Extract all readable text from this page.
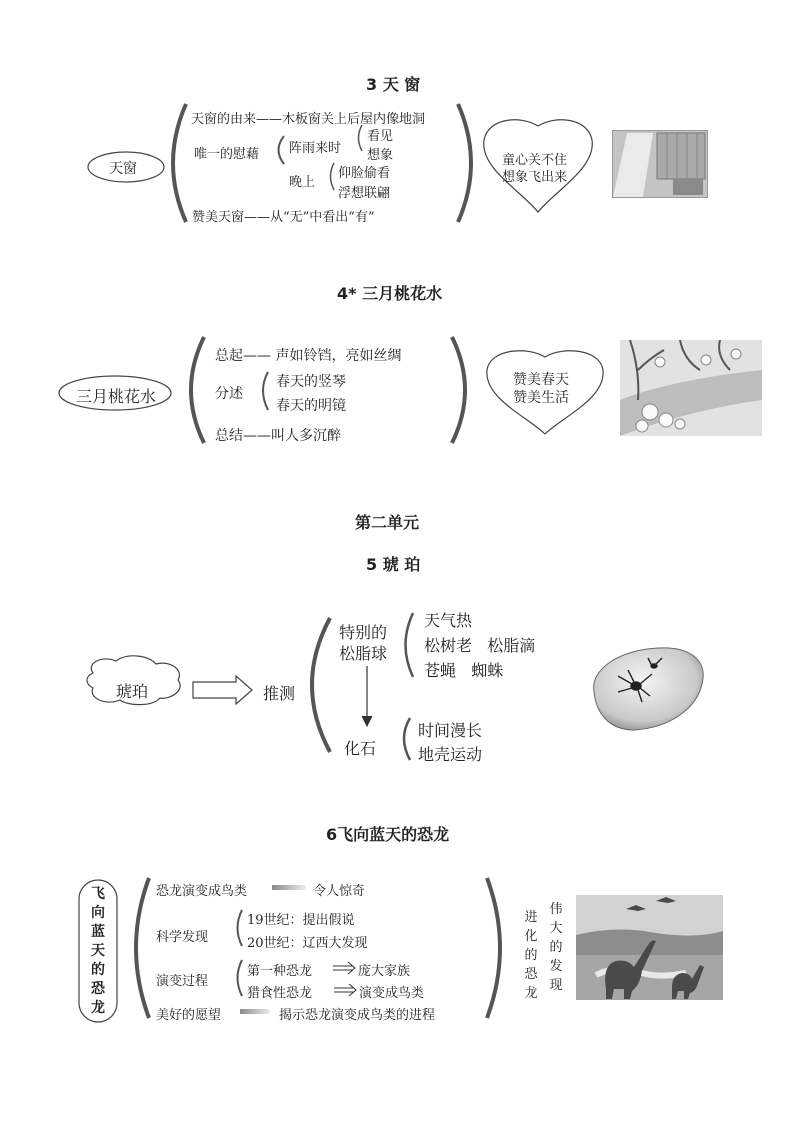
3 天 窗
天窗
天窗的由来——木板窗关上后屋内像地洞
唯一的慰藉 阵雨来时
看见
想象
晚上
仰脸偷看
浮想联翩
赞美天窗——从“无”中看出“有”
童心关不住
想象飞出来
4* 三月桃花水
三月桃花水
总起—— 声如铃铛，亮如丝绸
分述
春天的竖琴
春天的明镜
总结——叫人多沉醉
赞美春天
赞美生活
第二单元
5 琥 珀
琥珀	推测
特别的
松脂球
天气热
松树老   松脂滴
苍蝇   蜘蛛
化石
时间漫长
地壳运动
6飞向蓝天的恐龙
飞
向
蓝
天
的
恐
龙
恐龙演变成鸟类	令人惊奇
科学发现
19世纪：提出假说
20世纪：辽西大发现
演变过程
第一种恐龙	庞大家族
猎食性恐龙	演变成鸟类
美好的愿望	揭示恐龙演变成鸟类的进程
进
化
的
恐
龙
伟
大
的
发
现
